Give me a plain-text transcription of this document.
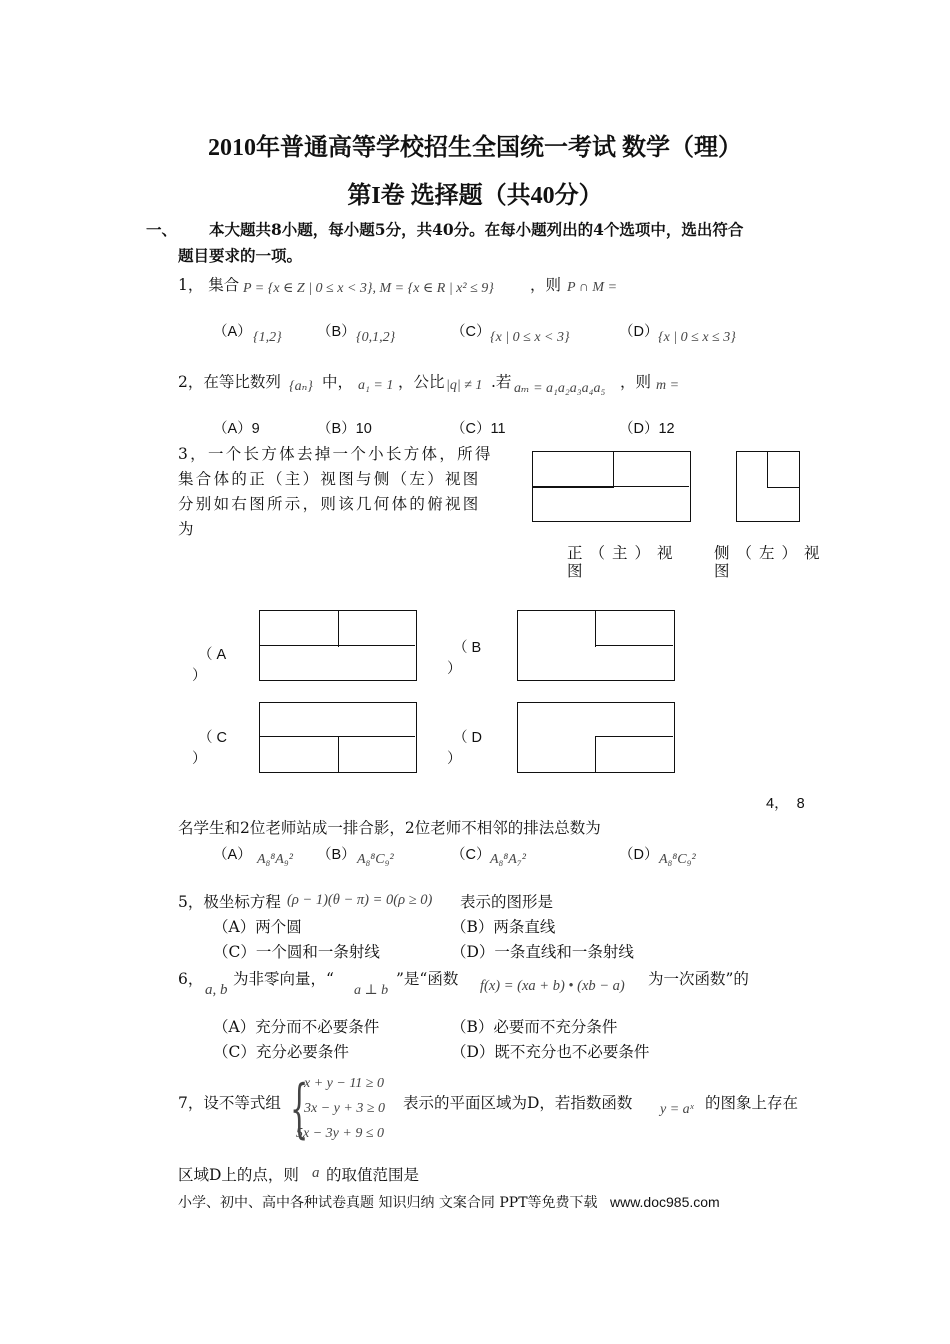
2010年普通高等学校招生全国统一考试 数学（理）
第I卷 选择题（共40分）
一、 本大题共8小题，每小题5分，共40分。在每小题列出的4个选项中，选出符合
题目要求的一项。
1， 集合 P = {x ∈ Z | 0 ≤ x < 3}, M = {x ∈ R | x² ≤ 9} ，则 P ∩ M =
（A） {1,2} （B） {0,1,2}	（C） {x | 0 ≤ x < 3}	（D） {x | 0 ≤ x ≤ 3}
2，在等比数列 {aₙ} 中， a₁ = 1 ，公比 |q| ≠ 1 .若 aₘ = a₁a₂a₃a₄a₅ ，则 m =
（A）9	（B）10	（C）11	（D）12
3，一个长方体去掉一个小长方体，所得
集合体的正（主）视图与侧（左）视图
分别如右图所示，则该几何体的俯视图
为
正（主）视
图
侧（左）视
图
（ A
）
（ B
）
（ C
）
（ D
）
4， 8
名学生和2位老师站成一排合影，2位老师不相邻的排法总数为
（A） A₈⁸A₉² （B） A₈⁸C₉²	（C） A₈⁸A₇²	（D） A₈⁸C₉²
5，极坐标方程 (ρ − 1)(θ − π) = 0(ρ ≥ 0) 表示的图形是
（A）两个圆	（B）两条直线
（C）一个圆和一条射线	（D）一条直线和一条射线
6，
a, b
为非零向量，“
a ⊥ b
”是“函数 f(x) = (xa + b) • (xb − a) 为一次函数”的
（A）充分而不必要条件	（B）必要而不充分条件
（C）充分必要条件	（D）既不充分也不必要条件
7，设不等式组 {
x + y − 11 ≥ 0
3x − y + 3 ≥ 0
5x − 3y + 9 ≤ 0
表示的平面区域为D，若指数函数 y = aˣ 的图象上存在
区域D上的点，则 a 的取值范围是
小学、初中、高中各种试卷真题 知识归纳 文案合同 PPT等免费下载 www.doc985.com
